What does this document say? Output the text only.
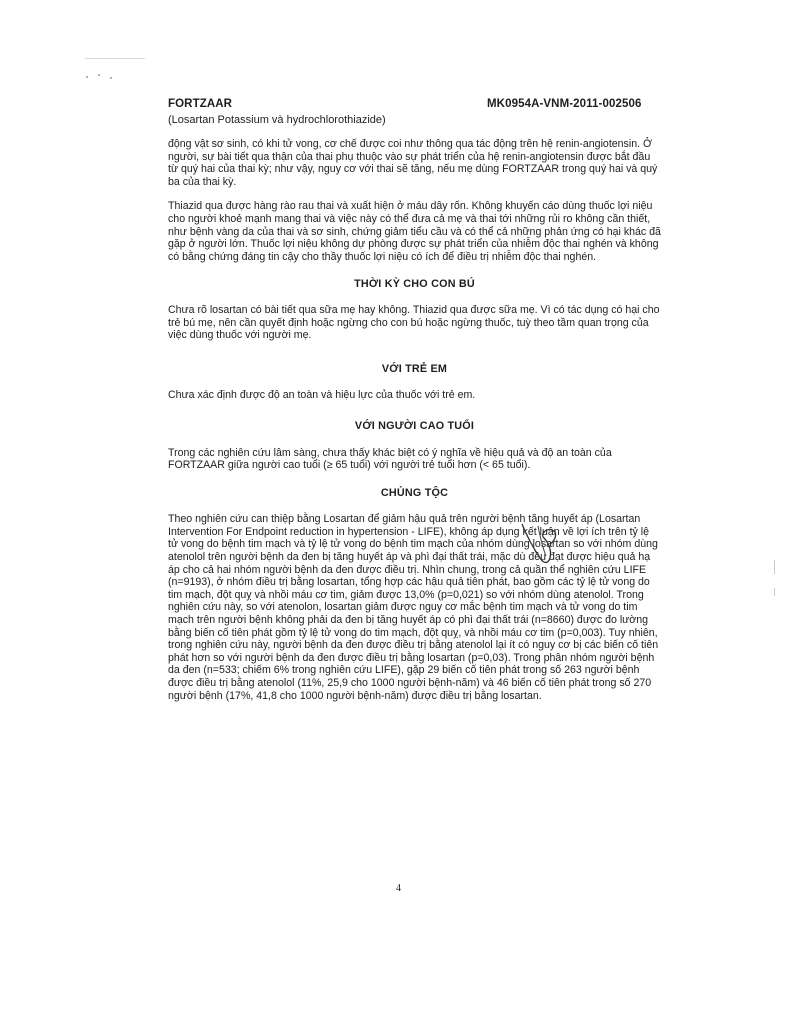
FORTZAAR	MK0954A-VNM-2011-002506
(Losartan Potassium và hydrochlorothiazide)

động vật sơ sinh, có khi tử vong, cơ chế được coi như thông qua tác động trên hệ renin-angiotensin. Ở người, sự bài tiết qua thận của thai phụ thuộc vào sự phát triển của hệ renin-angiotensin được bắt đầu từ quý hai của thai kỳ; như vậy, nguy cơ với thai sẽ tăng, nếu mẹ dùng FORTZAAR trong quý hai và quý ba của thai kỳ.

Thiazid qua được hàng rào rau thai và xuất hiện ở máu dây rốn. Không khuyến cáo dùng thuốc lợi niệu cho người khoẻ mạnh mang thai và việc này có thể đưa cả mẹ và thai tới những rủi ro không cần thiết, như bệnh vàng da của thai và sơ sinh, chứng giảm tiểu cầu và có thể cả những phản ứng có hại khác đã gặp ở người lớn. Thuốc lợi niệu không dự phòng được sự phát triển của nhiễm độc thai nghén và không có bằng chứng đáng tin cậy cho thầy thuốc lợi niệu có ích để điều trị nhiễm độc thai nghén.

THỜI KỲ CHO CON BÚ

Chưa rõ losartan có bài tiết qua sữa mẹ hay không. Thiazid qua được sữa mẹ. Vì có tác dụng có hại cho trẻ bú mẹ, nên cần quyết định hoặc ngừng cho con bú hoặc ngừng thuốc, tuỳ theo tầm quan trọng của việc dùng thuốc với người mẹ.

VỚI TRẺ EM

Chưa xác định được độ an toàn và hiệu lực của thuốc với trẻ em.

VỚI NGƯỜI CAO TUỔI

Trong các nghiên cứu lâm sàng, chưa thấy khác biệt có ý nghĩa về hiệu quả và độ an toàn của FORTZAAR giữa người cao tuổi (≥ 65 tuổi) với người trẻ tuổi hơn (< 65 tuổi).

CHỦNG TỘC

Theo nghiên cứu can thiệp bằng Losartan để giảm hậu quả trên người bệnh tăng huyết áp (Losartan Intervention For Endpoint reduction in hypertension - LIFE), không áp dụng kết luận về lợi ích trên tỷ lệ tử vong do bệnh tim mạch và tỷ lệ tử vong do bệnh tim mạch của nhóm dùng losartan so với nhóm dùng atenolol trên người bệnh da đen bị tăng huyết áp và phì đại thất trái, mặc dù đều đạt được hiệu quả hạ áp cho cả hai nhóm người bệnh da đen được điều trị. Nhìn chung, trong cả quần thể nghiên cứu LIFE (n=9193), ở nhóm điều trị bằng losartan, tổng hợp các hậu quả tiên phát, bao gồm các tỷ lệ tử vong do tim mạch, đột quỵ và nhồi máu cơ tim, giảm được 13,0% (p=0,021) so với nhóm dùng atenolol. Trong nghiên cứu này, so với atenolon, losartan giảm được nguy cơ mắc bệnh tim mạch và tử vong do tim mạch trên người bệnh không phải da đen bị tăng huyết áp có phì đại thất trái (n=8660) được đo lường bằng biến cố tiên phát gồm tỷ lệ tử vong do tim mạch, đột quỵ, và nhồi máu cơ tim (p=0,003). Tuy nhiên, trong nghiên cứu này, người bệnh da đen được điều trị bằng atenolol lại ít có nguy cơ bị các biến cố tiên phát hơn so với người bệnh da đen được điều trị bằng losartan (p=0,03). Trong phân nhóm người bệnh da đen (n=533; chiếm 6% trong nghiên cứu LIFE), gặp 29 biến cố tiên phát trong số 263 người bệnh được điều trị bằng atenolol (11%, 25,9 cho 1000 người bệnh-năm) và 46 biến cố tiên phát trong số 270 người bệnh (17%, 41,8 cho 1000 người bệnh-năm) được điều trị bằng losartan.

4
